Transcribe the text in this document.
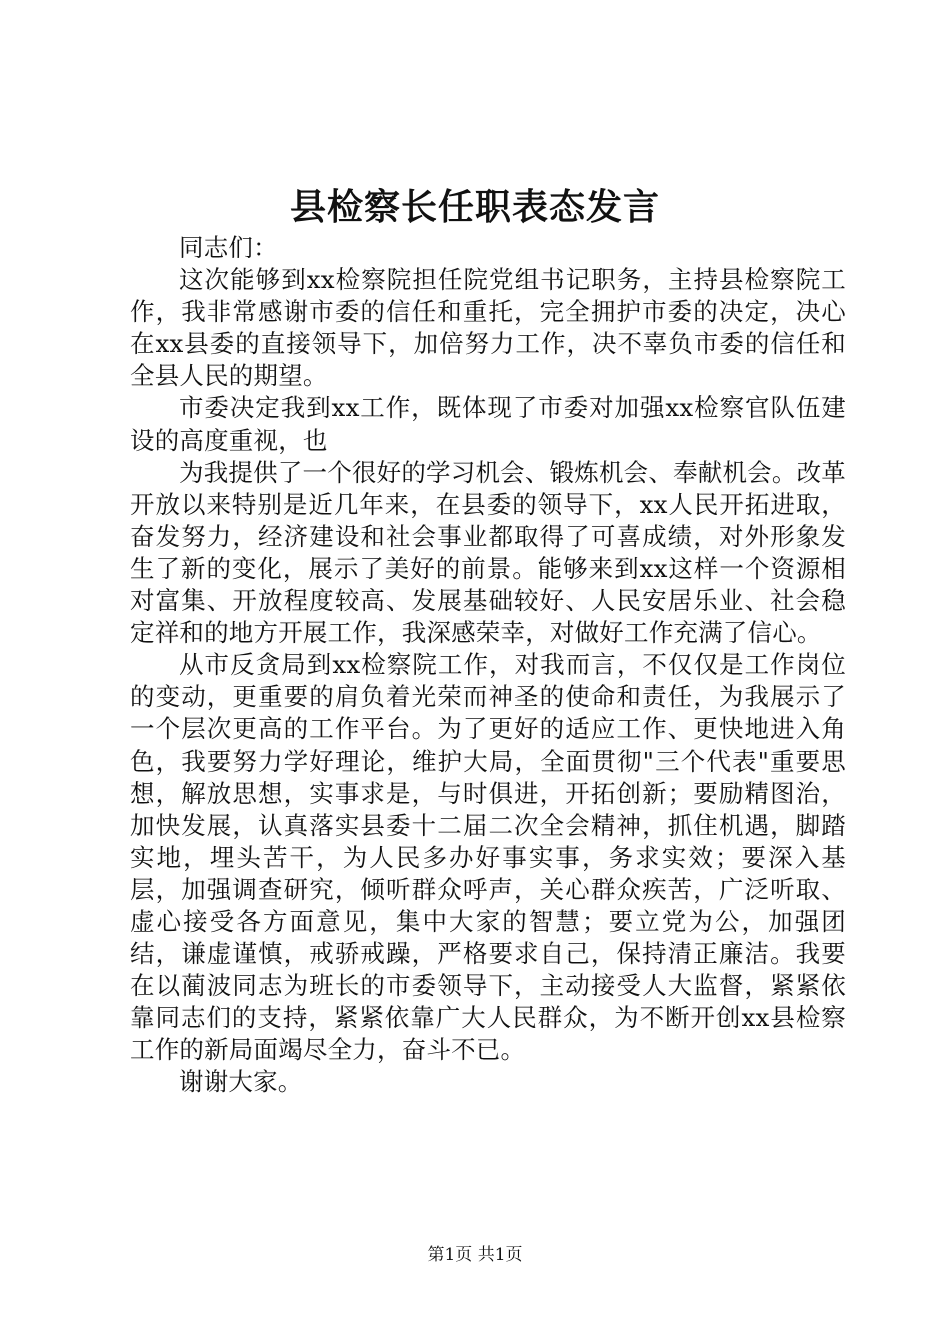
县检察长任职表态发言

同志们：

这次能够到xx检察院担任院党组书记职务，主持县检察院工作，我非常感谢市委的信任和重托，完全拥护市委的决定，决心在xx县委的直接领导下，加倍努力工作，决不辜负市委的信任和全县人民的期望。

市委决定我到xx工作，既体现了市委对加强xx检察官队伍建设的高度重视，也

为我提供了一个很好的学习机会、锻炼机会、奉献机会。改革开放以来特别是近几年来，在县委的领导下，xx人民开拓进取，奋发努力，经济建设和社会事业都取得了可喜成绩，对外形象发生了新的变化，展示了美好的前景。能够来到xx这样一个资源相对富集、开放程度较高、发展基础较好、人民安居乐业、社会稳定祥和的地方开展工作，我深感荣幸，对做好工作充满了信心。

从市反贪局到xx检察院工作，对我而言，不仅仅是工作岗位的变动，更重要的肩负着光荣而神圣的使命和责任，为我展示了一个层次更高的工作平台。为了更好的适应工作、更快地进入角色，我要努力学好理论，维护大局，全面贯彻"三个代表"重要思想，解放思想，实事求是，与时俱进，开拓创新；要励精图治，加快发展，认真落实县委十二届二次全会精神，抓住机遇，脚踏实地，埋头苦干，为人民多办好事实事，务求实效；要深入基层，加强调查研究，倾听群众呼声，关心群众疾苦，广泛听取、虚心接受各方面意见，集中大家的智慧；要立党为公，加强团结，谦虚谨慎，戒骄戒躁，严格要求自己，保持清正廉洁。我要在以蔺波同志为班长的市委领导下，主动接受人大监督，紧紧依靠同志们的支持，紧紧依靠广大人民群众，为不断开创xx县检察工作的新局面竭尽全力，奋斗不已。

谢谢大家。

第1页 共1页
